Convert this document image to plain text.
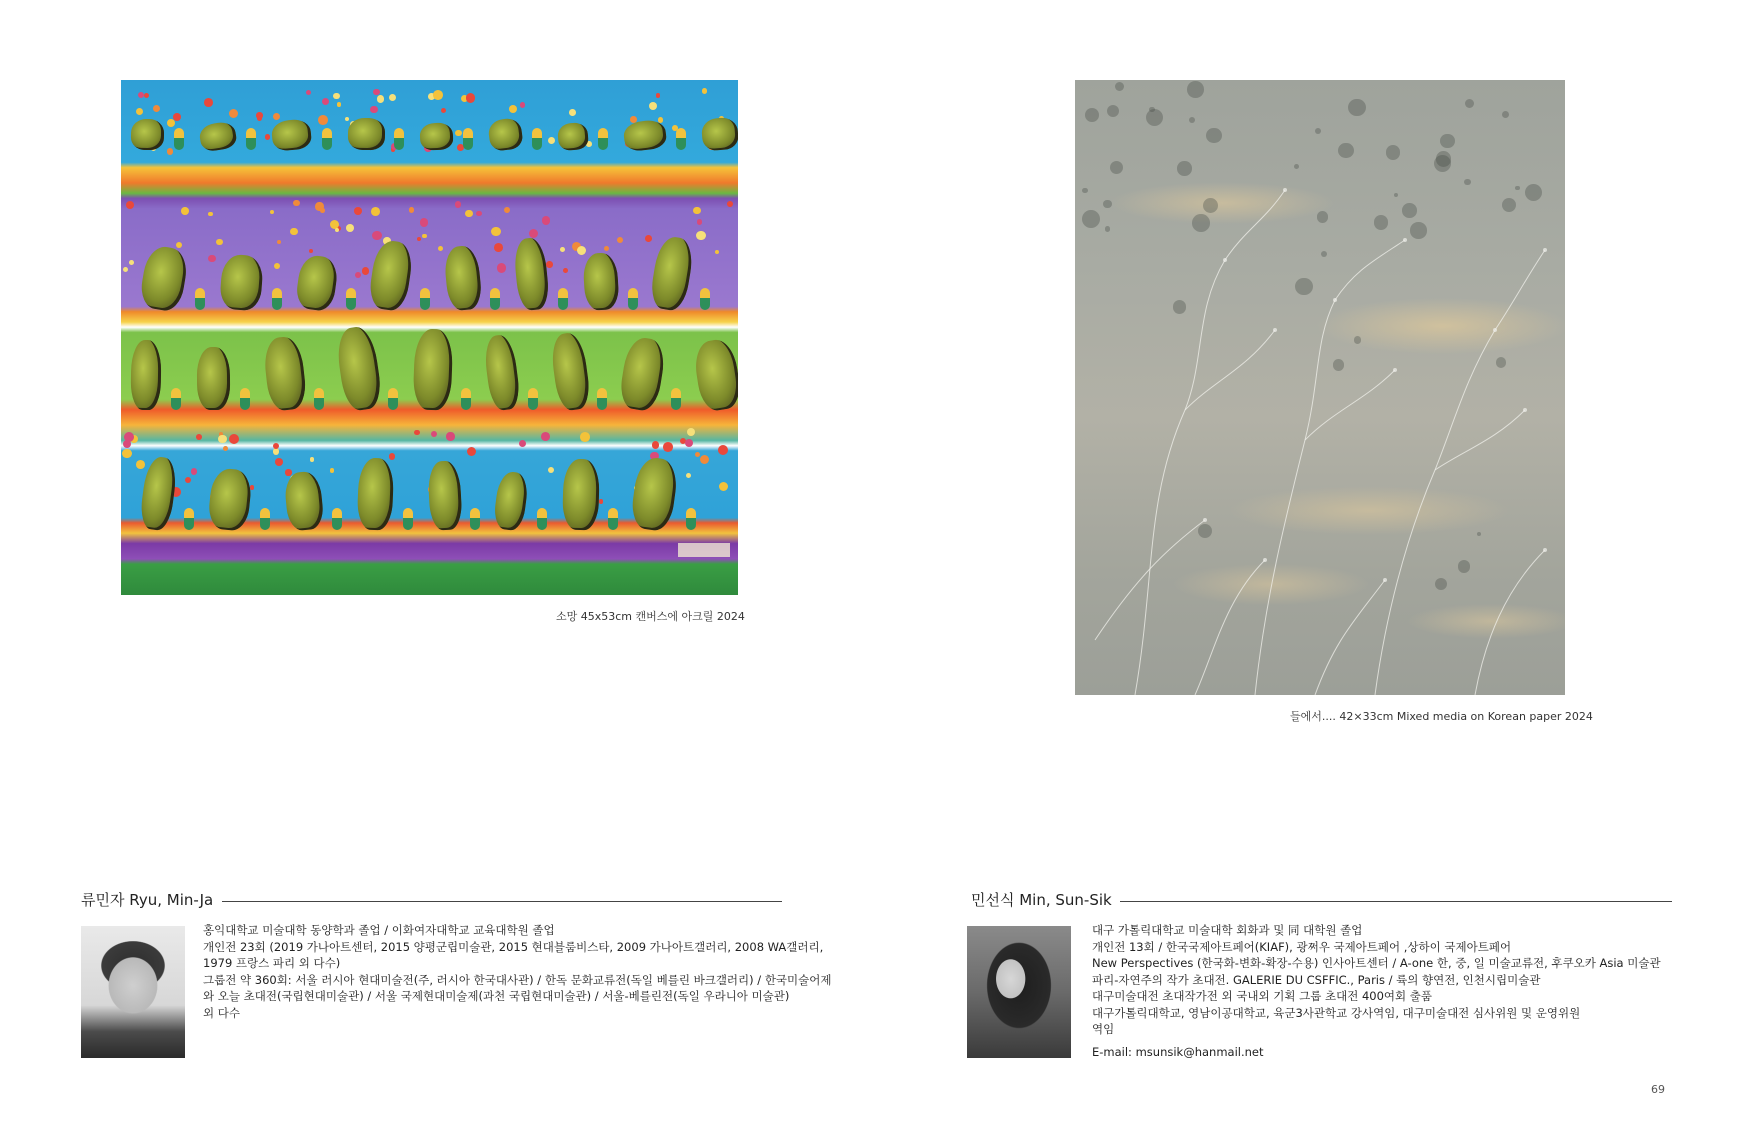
소망 45x53cm 캔버스에 아크릴 2024
들에서.... 42×33cm Mixed media on Korean paper 2024
류민자 Ryu, Min-Ja
홍익대학교 미술대학 동양학과 졸업 / 이화여자대학교 교육대학원 졸업
개인전 23회 (2019 가나아트센터, 2015 양평군립미술관, 2015 현대블룸비스타, 2009 가나아트갤러리, 2008 WA갤러리, 1979 프랑스 파리 외 다수)
그룹전 약 360회: 서울 러시아 현대미술전(주, 러시아 한국대사관) / 한독 문화교류전(독일 베를린 바크갤러리) / 한국미술어제
와 오늘 초대전(국립현대미술관) / 서울 국제현대미술제(과천 국립현대미술관) / 서울-베를린전(독일 우라니아 미술관)
외 다수
민선식 Min, Sun-Sik
대구 가톨릭대학교 미술대학 회화과 및 同 대학원 졸업
개인전 13회 / 한국국제아트페어(KIAF), 광쩌우 국제아트페어 ,상하이 국제아트페어
New Perspectives (한국화-변화-확장-수용) 인사아트센터 / A-one 한, 중, 일 미술교류전, 후쿠오카 Asia 미술관
파리-자연주의 작가 초대전. GALERIE DU CSFFIC., Paris / 륙의 향연전, 인천시립미술관
대구미술대전 초대작가전 외 국내외 기획 그룹 초대전 400여회 출품
대구가톨릭대학교, 영남이공대학교, 육군3사관학교 강사역임, 대구미술대전 심사위원 및 운영위원
역임
E-mail: msunsik@hanmail.net
69
